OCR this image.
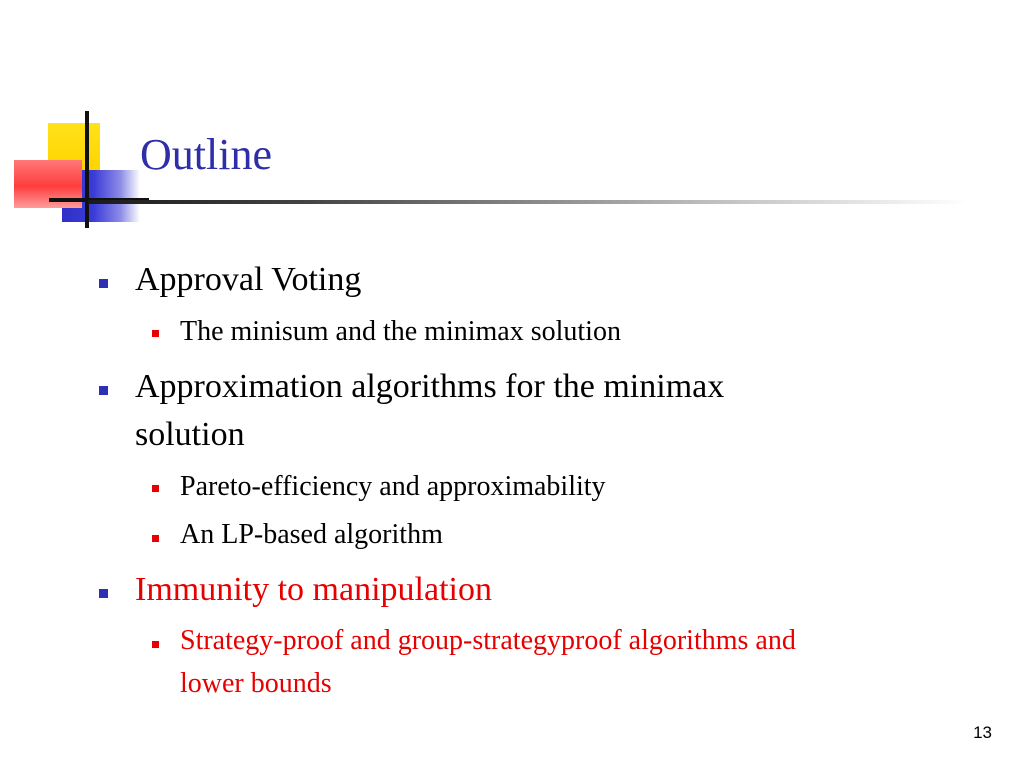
Outline

Approval Voting

The minisum and the minimax solution

Approximation algorithms for the minimax

solution

Pareto-efficiency and approximability

An LP-based algorithm

Immunity to manipulation

Strategy-proof and group-strategyproof algorithms and

lower bounds

13
